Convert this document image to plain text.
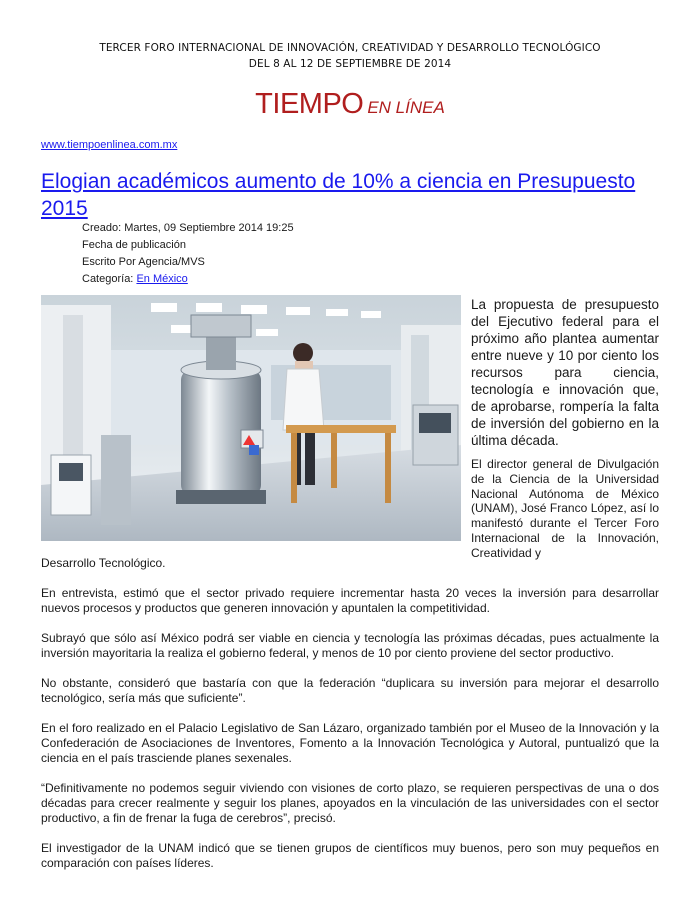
TERCER FORO INTERNACIONAL DE INNOVACIÓN, CREATIVIDAD Y DESARROLLO TECNOLÓGICO
DEL 8 AL 12 DE SEPTIEMBRE DE 2014
TIEMPO EN LÍNEA
www.tiempoenlinea.com.mx
Elogian académicos aumento de 10% a ciencia en Presupuesto 2015
Creado: Martes, 09 Septiembre 2014 19:25
Fecha de publicación
Escrito Por Agencia/MVS
Categoría: En México

La propuesta de presupuesto del Ejecutivo federal para el próximo año plantea aumentar entre nueve y 10 por ciento los recursos para ciencia, tecnología e innovación que, de aprobarse, rompería la falta de inversión del gobierno en la última década.

El director general de Divulgación de la Ciencia de la Universidad Nacional Autónoma de México (UNAM), José Franco López, así lo manifestó durante el Tercer Foro Internacional de la Innovación, Creatividad y

Desarrollo Tecnológico.

En entrevista, estimó que el sector privado requiere incrementar hasta 20 veces la inversión para desarrollar nuevos procesos y productos que generen innovación y apuntalen la competitividad.

Subrayó que sólo así México podrá ser viable en ciencia y tecnología las próximas décadas, pues actualmente la inversión mayoritaria la realiza el gobierno federal, y menos de 10 por ciento proviene del sector productivo.

No obstante, consideró que bastaría con que la federación “duplicara su inversión para mejorar el desarrollo tecnológico, sería más que suficiente”.

En el foro realizado en el Palacio Legislativo de San Lázaro, organizado también por el Museo de la Innovación y la Confederación de Asociaciones de Inventores, Fomento a la Innovación Tecnológica y Autoral, puntualizó que la ciencia en el país trasciende planes sexenales.

“Definitivamente no podemos seguir viviendo con visiones de corto plazo, se requieren perspectivas de una o dos décadas para crecer realmente y seguir los planes, apoyados en la vinculación de las universidades con el sector productivo, a fin de frenar la fuga de cerebros”, precisó.

El investigador de la UNAM indicó que se tienen grupos de científicos muy buenos, pero son muy pequeños en comparación con países líderes.
